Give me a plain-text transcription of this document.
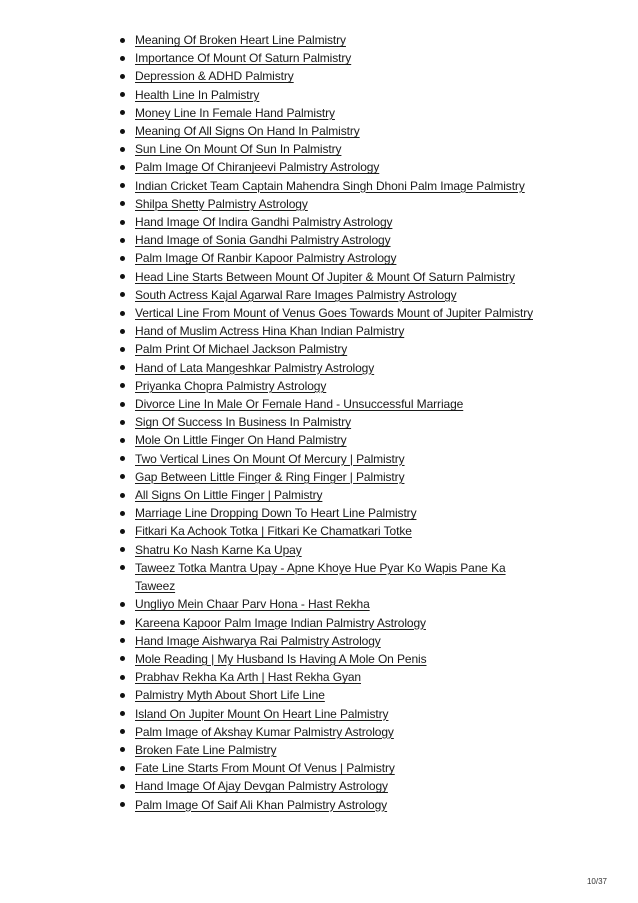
Meaning Of Broken Heart Line Palmistry
Importance Of Mount Of Saturn Palmistry
Depression & ADHD Palmistry
Health Line In Palmistry
Money Line In Female Hand Palmistry
Meaning Of All Signs On Hand In Palmistry
Sun Line On Mount Of Sun In Palmistry
Palm Image Of Chiranjeevi Palmistry Astrology
Indian Cricket Team Captain Mahendra Singh Dhoni Palm Image Palmistry
Shilpa Shetty Palmistry Astrology
Hand Image Of Indira Gandhi Palmistry Astrology
Hand Image of Sonia Gandhi Palmistry Astrology
Palm Image Of Ranbir Kapoor Palmistry Astrology
Head Line Starts Between Mount Of Jupiter & Mount Of Saturn Palmistry
South Actress Kajal Agarwal Rare Images Palmistry Astrology
Vertical Line From Mount of Venus Goes Towards Mount of Jupiter Palmistry
Hand of Muslim Actress Hina Khan Indian Palmistry
Palm Print Of Michael Jackson Palmistry
Hand of Lata Mangeshkar Palmistry Astrology
Priyanka Chopra Palmistry Astrology
Divorce Line In Male Or Female Hand - Unsuccessful Marriage
Sign Of Success In Business In Palmistry
Mole On Little Finger On Hand Palmistry
Two Vertical Lines On Mount Of Mercury | Palmistry
Gap Between Little Finger & Ring Finger | Palmistry
All Signs On Little Finger | Palmistry
Marriage Line Dropping Down To Heart Line Palmistry
Fitkari Ka Achook Totka | Fitkari Ke Chamatkari Totke
Shatru Ko Nash Karne Ka Upay
Taweez Totka Mantra Upay - Apne Khoye Hue Pyar Ko Wapis Pane Ka Taweez
Ungliyo Mein Chaar Parv Hona - Hast Rekha
Kareena Kapoor Palm Image Indian Palmistry Astrology
Hand Image Aishwarya Rai Palmistry Astrology
Mole Reading | My Husband Is Having A Mole On Penis
Prabhav Rekha Ka Arth | Hast Rekha Gyan
Palmistry Myth About Short Life Line
Island On Jupiter Mount On Heart Line Palmistry
Palm Image of Akshay Kumar Palmistry Astrology
Broken Fate Line Palmistry
Fate Line Starts From Mount Of Venus | Palmistry
Hand Image Of Ajay Devgan Palmistry Astrology
Palm Image Of Saif Ali Khan Palmistry Astrology
10/37
